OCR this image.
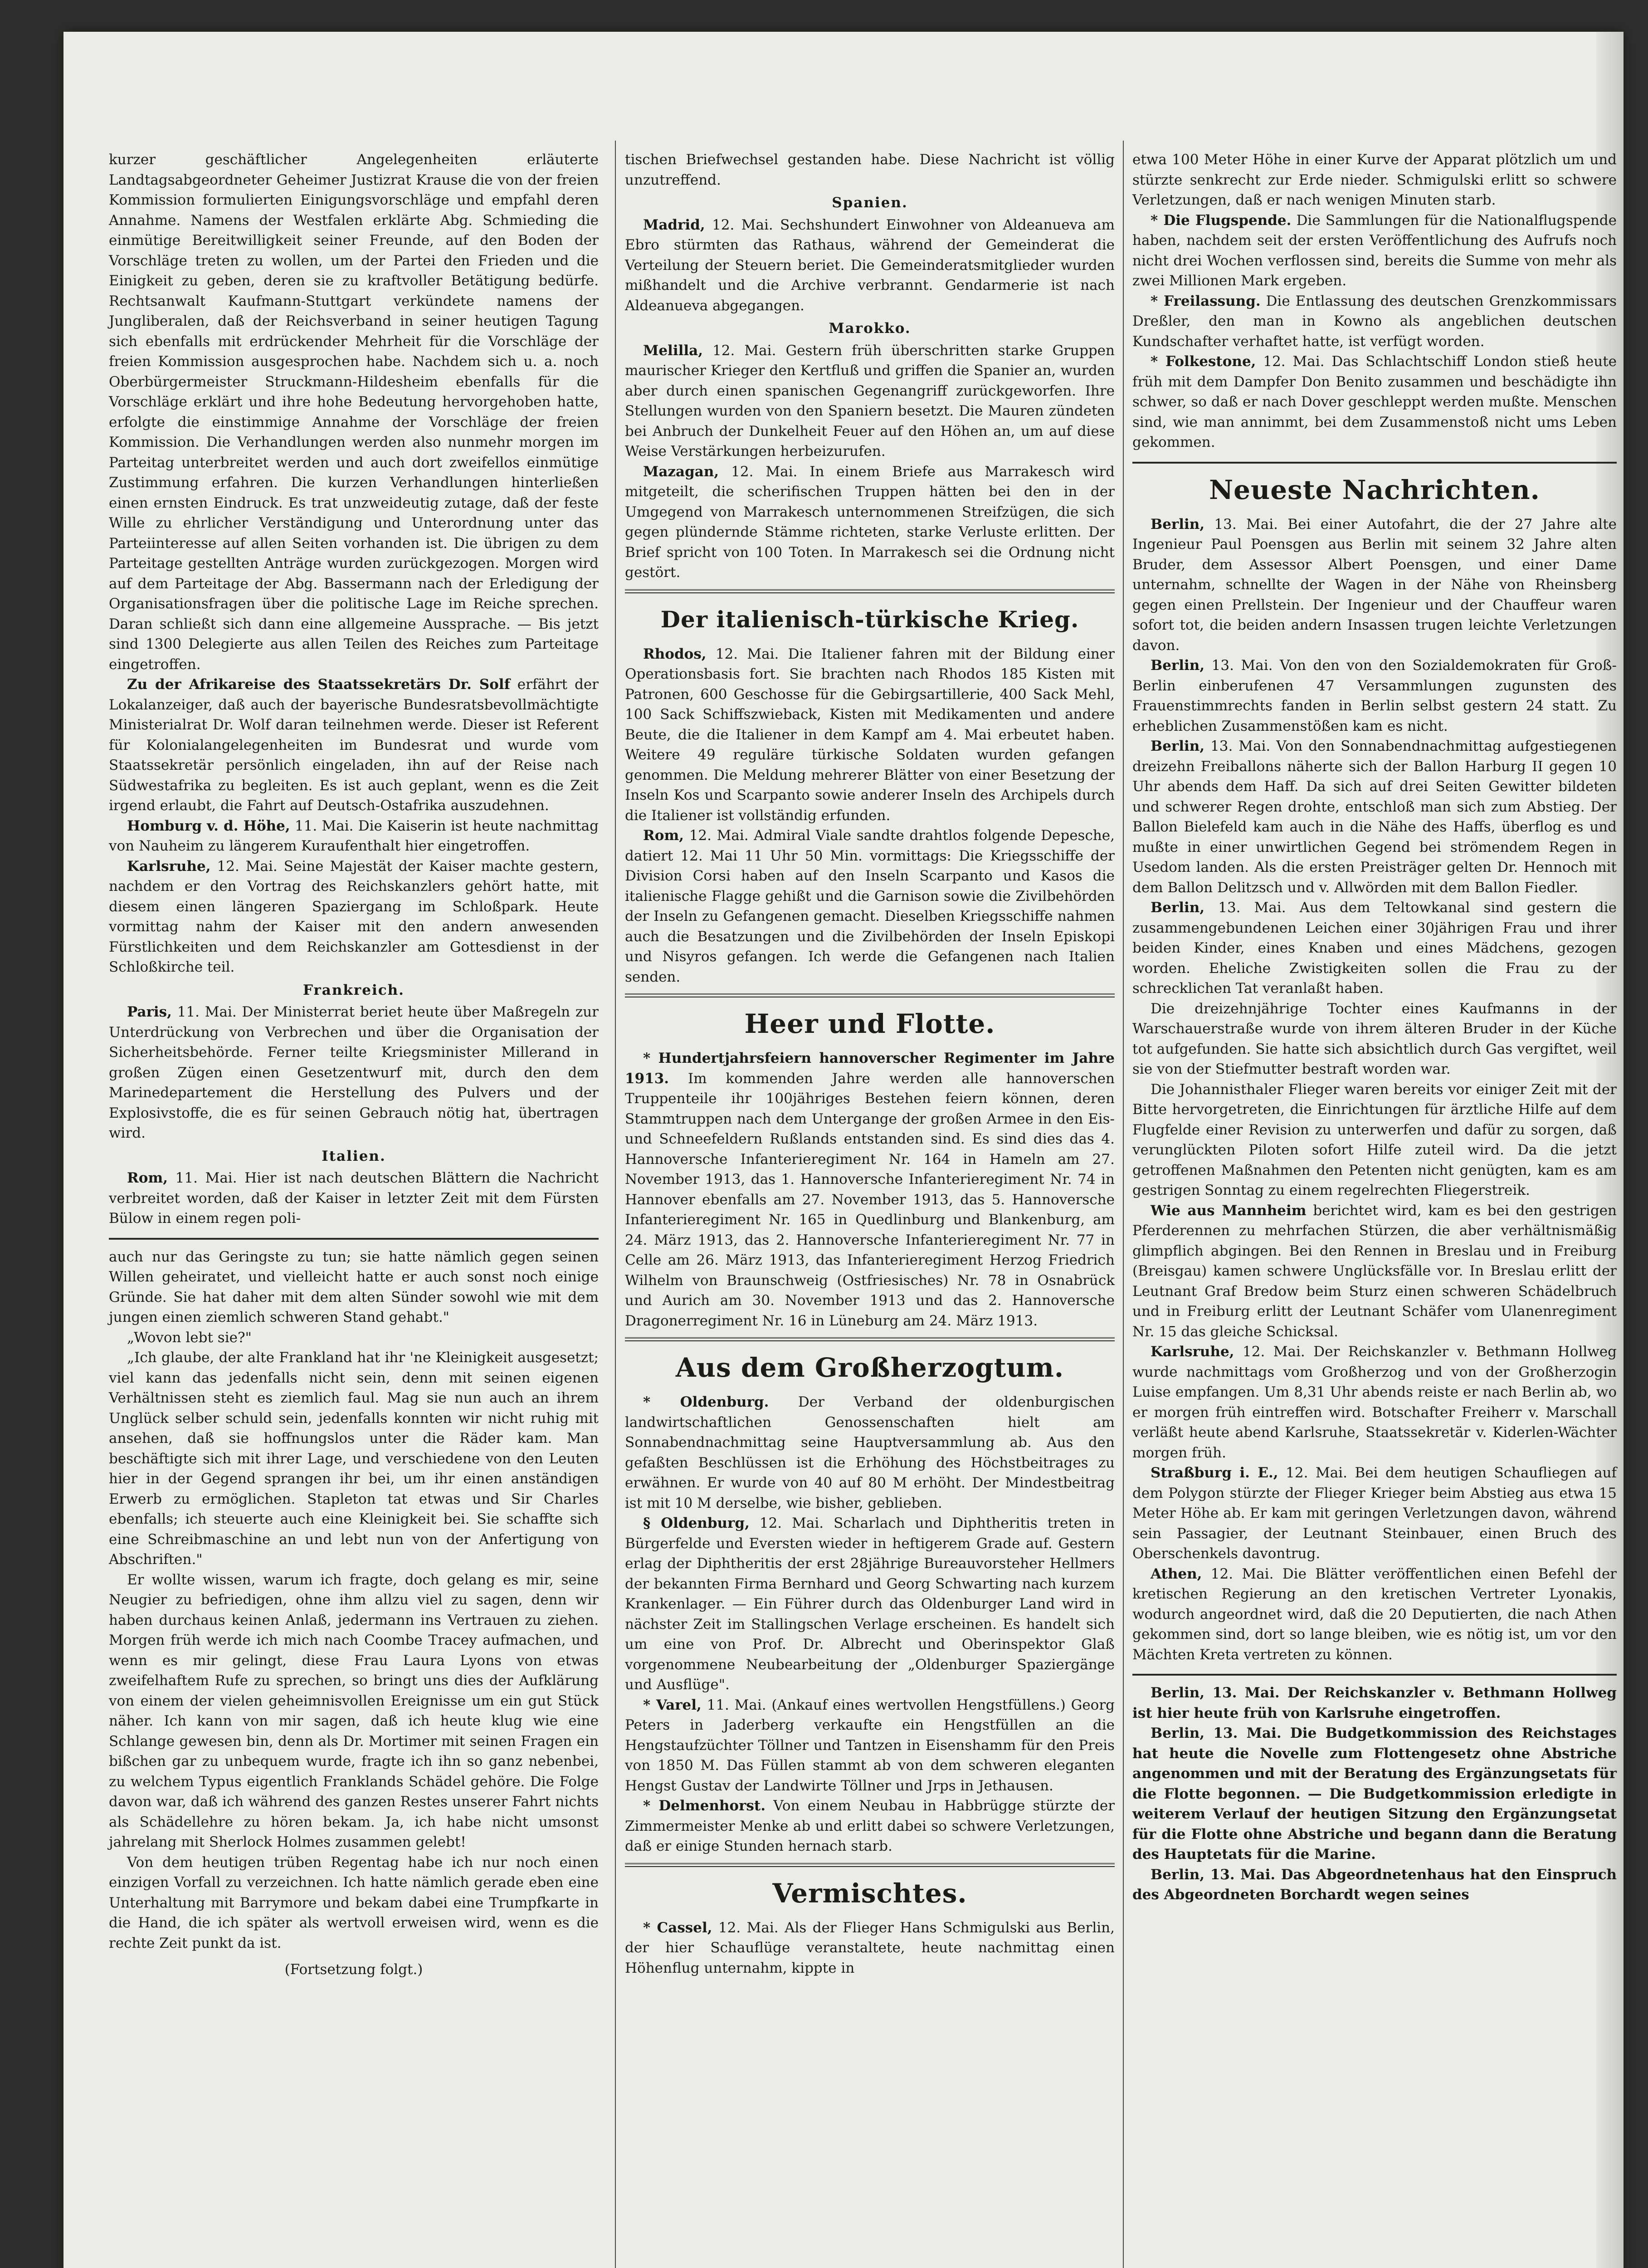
kurzer geschäftlicher Angelegenheiten erläuterte Landtagsabgeordneter Geheimer Justizrat Krause die von der freien Kommission formulierten Einigungsvorschläge und empfahl deren Annahme. Namens der Westfalen erklärte Abg. Schmieding die einmütige Bereitwilligkeit seiner Freunde, auf den Boden der Vorschläge treten zu wollen, um der Partei den Frieden und die Einigkeit zu geben, deren sie zu kraftvoller Betätigung bedürfe. Rechtsanwalt Kaufmann-Stuttgart verkündete namens der Jungliberalen, daß der Reichsverband in seiner heutigen Tagung sich ebenfalls mit erdrückender Mehrheit für die Vorschläge der freien Kommission ausgesprochen habe. Nachdem sich u. a. noch Oberbürgermeister Struckmann-Hildesheim ebenfalls für die Vorschläge erklärt und ihre hohe Bedeutung hervorgehoben hatte, erfolgte die einstimmige Annahme der Vorschläge der freien Kommission. Die Verhandlungen werden also nunmehr morgen im Parteitag unterbreitet werden und auch dort zweifellos einmütige Zustimmung erfahren. Die kurzen Verhandlungen hinterließen einen ernsten Eindruck. Es trat unzweideutig zutage, daß der feste Wille zu ehrlicher Verständigung und Unterordnung unter das Parteiinteresse auf allen Seiten vorhanden ist. Die übrigen zu dem Parteitage gestellten Anträge wurden zurückgezogen. Morgen wird auf dem Parteitage der Abg. Bassermann nach der Erledigung der Organisationsfragen über die politische Lage im Reiche sprechen. Daran schließt sich dann eine allgemeine Aussprache. — Bis jetzt sind 1300 Delegierte aus allen Teilen des Reiches zum Parteitage eingetroffen.

Zu der Afrikareise des Staatssekretärs Dr. Solf erfährt der Lokalanzeiger, daß auch der bayerische Bundesratsbevollmächtigte Ministerialrat Dr. Wolf daran teilnehmen werde. Dieser ist Referent für Kolonialangelegenheiten im Bundesrat und wurde vom Staatssekretär persönlich eingeladen, ihn auf der Reise nach Südwestafrika zu begleiten. Es ist auch geplant, wenn es die Zeit irgend erlaubt, die Fahrt auf Deutsch-Ostafrika auszudehnen.

Homburg v. d. Höhe, 11. Mai. Die Kaiserin ist heute nachmittag von Nauheim zu längerem Kuraufenthalt hier eingetroffen.

Karlsruhe, 12. Mai. Seine Majestät der Kaiser machte gestern, nachdem er den Vortrag des Reichskanzlers gehört hatte, mit diesem einen längeren Spaziergang im Schloßpark. Heute vormittag nahm der Kaiser mit den andern anwesenden Fürstlichkeiten und dem Reichskanzler am Gottesdienst in der Schloßkirche teil.

Frankreich.

Paris, 11. Mai. Der Ministerrat beriet heute über Maßregeln zur Unterdrückung von Verbrechen und über die Organisation der Sicherheitsbehörde. Ferner teilte Kriegsminister Millerand in großen Zügen einen Gesetzentwurf mit, durch den dem Marinedepartement die Herstellung des Pulvers und der Explosivstoffe, die es für seinen Gebrauch nötig hat, übertragen wird.

Italien.

Rom, 11. Mai. Hier ist nach deutschen Blättern die Nachricht verbreitet worden, daß der Kaiser in letzter Zeit mit dem Fürsten Bülow in einem regen poli-

auch nur das Geringste zu tun; sie hatte nämlich gegen seinen Willen geheiratet, und vielleicht hatte er auch sonst noch einige Gründe. Sie hat daher mit dem alten Sünder sowohl wie mit dem jungen einen ziemlich schweren Stand gehabt."

„Wovon lebt sie?"

„Ich glaube, der alte Frankland hat ihr 'ne Kleinigkeit ausgesetzt; viel kann das jedenfalls nicht sein, denn mit seinen eigenen Verhältnissen steht es ziemlich faul. Mag sie nun auch an ihrem Unglück selber schuld sein, jedenfalls konnten wir nicht ruhig mit ansehen, daß sie hoffnungslos unter die Räder kam. Man beschäftigte sich mit ihrer Lage, und verschiedene von den Leuten hier in der Gegend sprangen ihr bei, um ihr einen anständigen Erwerb zu ermöglichen. Stapleton tat etwas und Sir Charles ebenfalls; ich steuerte auch eine Kleinigkeit bei. Sie schaffte sich eine Schreibmaschine an und lebt nun von der Anfertigung von Abschriften."

Er wollte wissen, warum ich fragte, doch gelang es mir, seine Neugier zu befriedigen, ohne ihm allzu viel zu sagen, denn wir haben durchaus keinen Anlaß, jedermann ins Vertrauen zu ziehen. Morgen früh werde ich mich nach Coombe Tracey aufmachen, und wenn es mir gelingt, diese Frau Laura Lyons von etwas zweifelhaftem Rufe zu sprechen, so bringt uns dies der Aufklärung von einem der vielen geheimnisvollen Ereignisse um ein gut Stück näher. Ich kann von mir sagen, daß ich heute klug wie eine Schlange gewesen bin, denn als Dr. Mortimer mit seinen Fragen ein bißchen gar zu unbequem wurde, fragte ich ihn so ganz nebenbei, zu welchem Typus eigentlich Franklands Schädel gehöre. Die Folge davon war, daß ich während des ganzen Restes unserer Fahrt nichts als Schädellehre zu hören bekam. Ja, ich habe nicht umsonst jahrelang mit Sherlock Holmes zusammen gelebt!

Von dem heutigen trüben Regentag habe ich nur noch einen einzigen Vorfall zu verzeichnen. Ich hatte nämlich gerade eben eine Unterhaltung mit Barrymore und bekam dabei eine Trumpfkarte in die Hand, die ich später als wertvoll erweisen wird, wenn es die rechte Zeit punkt da ist.

(Fortsetzung folgt.)

tischen Briefwechsel gestanden habe. Diese Nachricht ist völlig unzutreffend.

Spanien.

Madrid, 12. Mai. Sechshundert Einwohner von Aldeanueva am Ebro stürmten das Rathaus, während der Gemeinderat die Verteilung der Steuern beriet. Die Gemeinderatsmitglieder wurden mißhandelt und die Archive verbrannt. Gendarmerie ist nach Aldeanueva abgegangen.

Marokko.

Melilla, 12. Mai. Gestern früh überschritten starke Gruppen maurischer Krieger den Kertfluß und griffen die Spanier an, wurden aber durch einen spanischen Gegenangriff zurückgeworfen. Ihre Stellungen wurden von den Spaniern besetzt. Die Mauren zündeten bei Anbruch der Dunkelheit Feuer auf den Höhen an, um auf diese Weise Verstärkungen herbeizurufen.

Mazagan, 12. Mai. In einem Briefe aus Marrakesch wird mitgeteilt, die scherifischen Truppen hätten bei den in der Umgegend von Marrakesch unternommenen Streifzügen, die sich gegen plündernde Stämme richteten, starke Verluste erlitten. Der Brief spricht von 100 Toten. In Marrakesch sei die Ordnung nicht gestört.

Der italienisch-türkische Krieg.

Rhodos, 12. Mai. Die Italiener fahren mit der Bildung einer Operationsbasis fort. Sie brachten nach Rhodos 185 Kisten mit Patronen, 600 Geschosse für die Gebirgsartillerie, 400 Sack Mehl, 100 Sack Schiffszwieback, Kisten mit Medikamenten und andere Beute, die die Italiener in dem Kampf am 4. Mai erbeutet haben. Weitere 49 reguläre türkische Soldaten wurden gefangen genommen. Die Meldung mehrerer Blätter von einer Besetzung der Inseln Kos und Scarpanto sowie anderer Inseln des Archipels durch die Italiener ist vollständig erfunden.

Rom, 12. Mai. Admiral Viale sandte drahtlos folgende Depesche, datiert 12. Mai 11 Uhr 50 Min. vormittags: Die Kriegsschiffe der Division Corsi haben auf den Inseln Scarpanto und Kasos die italienische Flagge gehißt und die Garnison sowie die Zivilbehörden der Inseln zu Gefangenen gemacht. Dieselben Kriegsschiffe nahmen auch die Besatzungen und die Zivilbehörden der Inseln Episkopi und Nisyros gefangen. Ich werde die Gefangenen nach Italien senden.

Heer und Flotte.

* Hundertjahrsfeiern hannoverscher Regimenter im Jahre 1913. Im kommenden Jahre werden alle hannoverschen Truppenteile ihr 100jähriges Bestehen feiern können, deren Stammtruppen nach dem Untergange der großen Armee in den Eis- und Schneefeldern Rußlands entstanden sind. Es sind dies das 4. Hannoversche Infanterieregiment Nr. 164 in Hameln am 27. November 1913, das 1. Hannoversche Infanterieregiment Nr. 74 in Hannover ebenfalls am 27. November 1913, das 5. Hannoversche Infanterieregiment Nr. 165 in Quedlinburg und Blankenburg, am 24. März 1913, das 2. Hannoversche Infanterieregiment Nr. 77 in Celle am 26. März 1913, das Infanterieregiment Herzog Friedrich Wilhelm von Braunschweig (Ostfriesisches) Nr. 78 in Osnabrück und Aurich am 30. November 1913 und das 2. Hannoversche Dragonerregiment Nr. 16 in Lüneburg am 24. März 1913.

Aus dem Großherzogtum.

* Oldenburg. Der Verband der oldenburgischen landwirtschaftlichen Genossenschaften hielt am Sonnabendnachmittag seine Hauptversammlung ab. Aus den gefaßten Beschlüssen ist die Erhöhung des Höchstbeitrages zu erwähnen. Er wurde von 40 auf 80 M erhöht. Der Mindestbeitrag ist mit 10 M derselbe, wie bisher, geblieben.

§ Oldenburg, 12. Mai. Scharlach und Diphtheritis treten in Bürgerfelde und Eversten wieder in heftigerem Grade auf. Gestern erlag der Diphtheritis der erst 28jährige Bureauvorsteher Hellmers der bekannten Firma Bernhard und Georg Schwarting nach kurzem Krankenlager. — Ein Führer durch das Oldenburger Land wird in nächster Zeit im Stallingschen Verlage erscheinen. Es handelt sich um eine von Prof. Dr. Albrecht und Oberinspektor Glaß vorgenommene Neubearbeitung der „Oldenburger Spaziergänge und Ausflüge".

* Varel, 11. Mai. (Ankauf eines wertvollen Hengstfüllens.) Georg Peters in Jaderberg verkaufte ein Hengstfüllen an die Hengstaufzüchter Töllner und Tantzen in Eisenshamm für den Preis von 1850 M. Das Füllen stammt ab von dem schweren eleganten Hengst Gustav der Landwirte Töllner und Jrps in Jethausen.

* Delmenhorst. Von einem Neubau in Habbrügge stürzte der Zimmermeister Menke ab und erlitt dabei so schwere Verletzungen, daß er einige Stunden hernach starb.

Vermischtes.

* Cassel, 12. Mai. Als der Flieger Hans Schmigulski aus Berlin, der hier Schauflüge veranstaltete, heute nachmittag einen Höhenflug unternahm, kippte in

etwa 100 Meter Höhe in einer Kurve der Apparat plötzlich um und stürzte senkrecht zur Erde nieder. Schmigulski erlitt so schwere Verletzungen, daß er nach wenigen Minuten starb.

* Die Flugspende. Die Sammlungen für die Nationalflugspende haben, nachdem seit der ersten Veröffentlichung des Aufrufs noch nicht drei Wochen verflossen sind, bereits die Summe von mehr als zwei Millionen Mark ergeben.

* Freilassung. Die Entlassung des deutschen Grenzkommissars Dreßler, den man in Kowno als angeblichen deutschen Kundschafter verhaftet hatte, ist verfügt worden.

* Folkestone, 12. Mai. Das Schlachtschiff London stieß heute früh mit dem Dampfer Don Benito zusammen und beschädigte ihn schwer, so daß er nach Dover geschleppt werden mußte. Menschen sind, wie man annimmt, bei dem Zusammenstoß nicht ums Leben gekommen.

Neueste Nachrichten.

Berlin, 13. Mai. Bei einer Autofahrt, die der 27 Jahre alte Ingenieur Paul Poensgen aus Berlin mit seinem 32 Jahre alten Bruder, dem Assessor Albert Poensgen, und einer Dame unternahm, schnellte der Wagen in der Nähe von Rheinsberg gegen einen Prellstein. Der Ingenieur und der Chauffeur waren sofort tot, die beiden andern Insassen trugen leichte Verletzungen davon.

Berlin, 13. Mai. Von den von den Sozialdemokraten für Groß-Berlin einberufenen 47 Versammlungen zugunsten des Frauenstimmrechts fanden in Berlin selbst gestern 24 statt. Zu erheblichen Zusammenstößen kam es nicht.

Berlin, 13. Mai. Von den Sonnabendnachmittag aufgestiegenen dreizehn Freiballons näherte sich der Ballon Harburg II gegen 10 Uhr abends dem Haff. Da sich auf drei Seiten Gewitter bildeten und schwerer Regen drohte, entschloß man sich zum Abstieg. Der Ballon Bielefeld kam auch in die Nähe des Haffs, überflog es und mußte in einer unwirtlichen Gegend bei strömendem Regen in Usedom landen. Als die ersten Preisträger gelten Dr. Hennoch mit dem Ballon Delitzsch und v. Allwörden mit dem Ballon Fiedler.

Berlin, 13. Mai. Aus dem Teltowkanal sind gestern die zusammengebundenen Leichen einer 30jährigen Frau und ihrer beiden Kinder, eines Knaben und eines Mädchens, gezogen worden. Eheliche Zwistigkeiten sollen die Frau zu der schrecklichen Tat veranlaßt haben.

Die dreizehnjährige Tochter eines Kaufmanns in der Warschauerstraße wurde von ihrem älteren Bruder in der Küche tot aufgefunden. Sie hatte sich absichtlich durch Gas vergiftet, weil sie von der Stiefmutter bestraft worden war.

Die Johannisthaler Flieger waren bereits vor einiger Zeit mit der Bitte hervorgetreten, die Einrichtungen für ärztliche Hilfe auf dem Flugfelde einer Revision zu unterwerfen und dafür zu sorgen, daß verunglückten Piloten sofort Hilfe zuteil wird. Da die jetzt getroffenen Maßnahmen den Petenten nicht genügten, kam es am gestrigen Sonntag zu einem regelrechten Fliegerstreik.

Wie aus Mannheim berichtet wird, kam es bei den gestrigen Pferderennen zu mehrfachen Stürzen, die aber verhältnismäßig glimpflich abgingen. Bei den Rennen in Breslau und in Freiburg (Breisgau) kamen schwere Unglücksfälle vor. In Breslau erlitt der Leutnant Graf Bredow beim Sturz einen schweren Schädelbruch und in Freiburg erlitt der Leutnant Schäfer vom Ulanenregiment Nr. 15 das gleiche Schicksal.

Karlsruhe, 12. Mai. Der Reichskanzler v. Bethmann Hollweg wurde nachmittags vom Großherzog und von der Großherzogin Luise empfangen. Um 8,31 Uhr abends reiste er nach Berlin ab, wo er morgen früh eintreffen wird. Botschafter Freiherr v. Marschall verläßt heute abend Karlsruhe, Staatssekretär v. Kiderlen-Wächter morgen früh.

Straßburg i. E., 12. Mai. Bei dem heutigen Schaufliegen auf dem Polygon stürzte der Flieger Krieger beim Abstieg aus etwa 15 Meter Höhe ab. Er kam mit geringen Verletzungen davon, während sein Passagier, der Leutnant Steinbauer, einen Bruch des Oberschenkels davontrug.

Athen, 12. Mai. Die Blätter veröffentlichen einen Befehl der kretischen Regierung an den kretischen Vertreter Lyonakis, wodurch angeordnet wird, daß die 20 Deputierten, die nach Athen gekommen sind, dort so lange bleiben, wie es nötig ist, um vor den Mächten Kreta vertreten zu können.

Berlin, 13. Mai. Der Reichskanzler v. Bethmann Hollweg ist hier heute früh von Karlsruhe eingetroffen.

Berlin, 13. Mai. Die Budgetkommission des Reichstages hat heute die Novelle zum Flottengesetz ohne Abstriche angenommen und mit der Beratung des Ergänzungsetats für die Flotte begonnen. — Die Budgetkommission erledigte in weiterem Verlauf der heutigen Sitzung den Ergänzungsetat für die Flotte ohne Abstriche und begann dann die Beratung des Hauptetats für die Marine.

Berlin, 13. Mai. Das Abgeordnetenhaus hat den Einspruch des Abgeordneten Borchardt wegen seines
